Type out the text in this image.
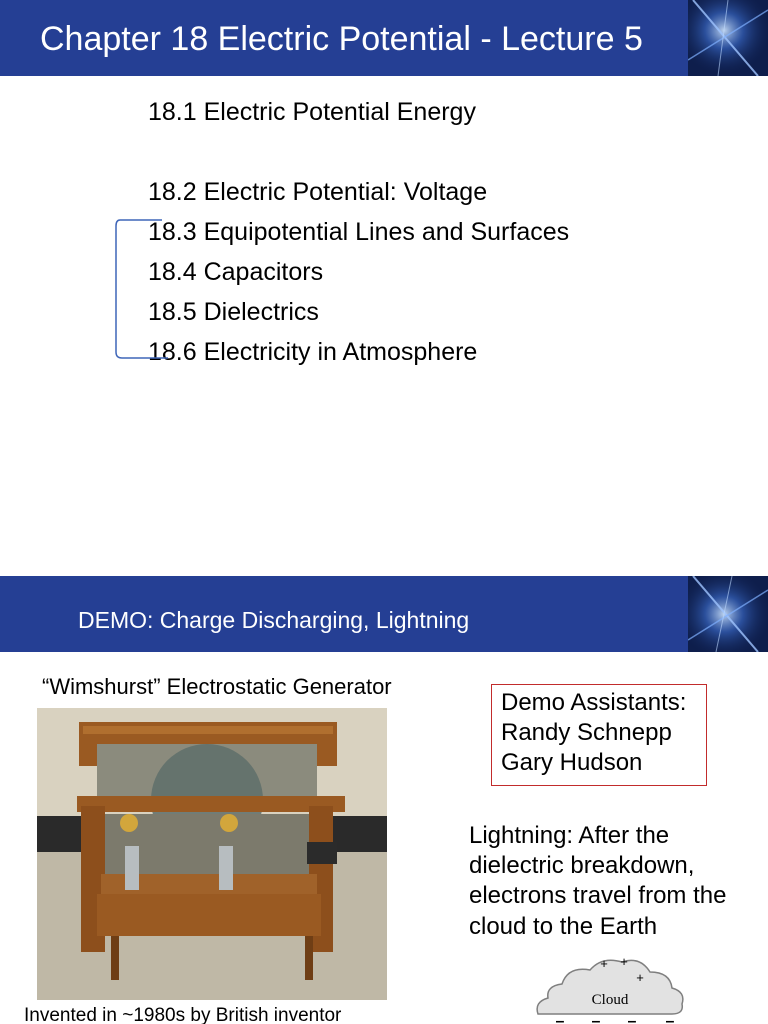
Chapter 18 Electric Potential - Lecture 5
18.1 Electric Potential Energy
18.2 Electric Potential: Voltage
18.3 Equipotential Lines and Surfaces
18.4 Capacitors
18.5 Dielectrics
18.6 Electricity in Atmosphere
DEMO: Charge Discharging, Lightning
“Wimshurst” Electrostatic Generator
Invented in ~1980s by British inventor
Demo Assistants:
Randy Schnepp
Gary Hudson
Lightning: After the
dielectric breakdown,
electrons travel from the
cloud to the Earth
+ +
+
Cloud
– – – –
